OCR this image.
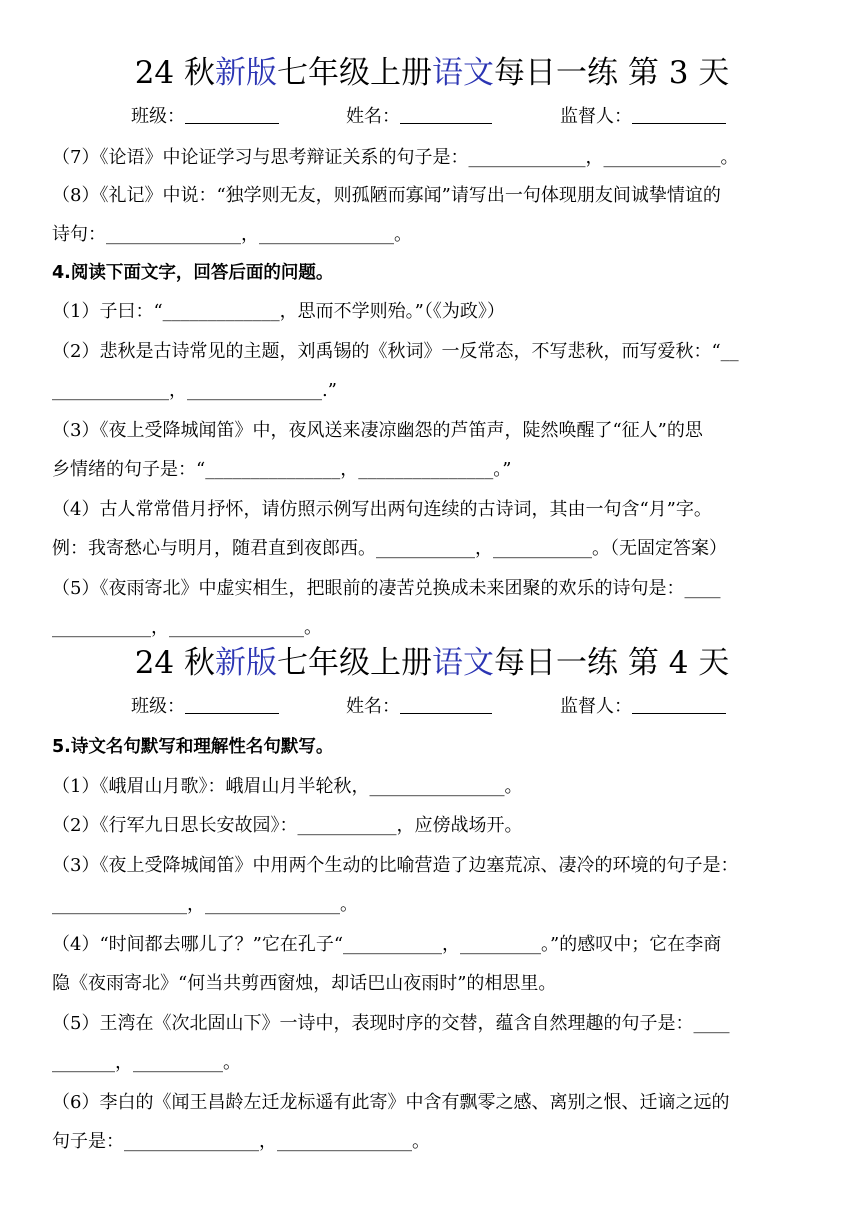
24 秋新版七年级上册语文每日一练 第 3 天
班级：	姓名：	监督人：
（7）《论语》中论证学习与思考辩证关系的句子是：_____________，_____________。
（8）《礼记》中说：“独学则无友，则孤陋而寡闻”请写出一句体现朋友间诚挚情谊的
诗句：_______________，_______________。
4.阅读下面文字，回答后面的问题。
（1）子曰：“_____________，思而不学则殆。”（《为政》）
（2）悲秋是古诗常见的主题，刘禹锡的《秋词》一反常态，不写悲秋，而写爱秋：“__
_____________，_______________.”
（3）《夜上受降城闻笛》中，夜风送来凄凉幽怨的芦笛声，陡然唤醒了“征人”的思
乡情绪的句子是：“_______________，_______________。”
（4）古人常常借月抒怀，请仿照示例写出两句连续的古诗词，其由一句含“月”字。
例：我寄愁心与明月，随君直到夜郎西。___________，___________。（无固定答案）
（5）《夜雨寄北》中虚实相生，把眼前的凄苦兑换成未来团聚的欢乐的诗句是：____
___________，_______________。
24 秋新版七年级上册语文每日一练 第 4 天
班级：	姓名：	监督人：
5.诗文名句默写和理解性名句默写。
（1）《峨眉山月歌》：峨眉山月半轮秋，_______________。
（2）《行军九日思长安故园》：___________，应傍战场开。
（3）《夜上受降城闻笛》中用两个生动的比喻营造了边塞荒凉、凄冷的环境的句子是：
_______________，_______________。
（4）“时间都去哪儿了？”它在孔子“___________，_________。”的感叹中；它在李商
隐《夜雨寄北》“何当共剪西窗烛，却话巴山夜雨时”的相思里。
（5）王湾在《次北固山下》一诗中，表现时序的交替，蕴含自然理趣的句子是：____
_______，__________。
（6）李白的《闻王昌龄左迁龙标遥有此寄》中含有飘零之感、离别之恨、迁谪之远的
句子是：_______________，_______________。
